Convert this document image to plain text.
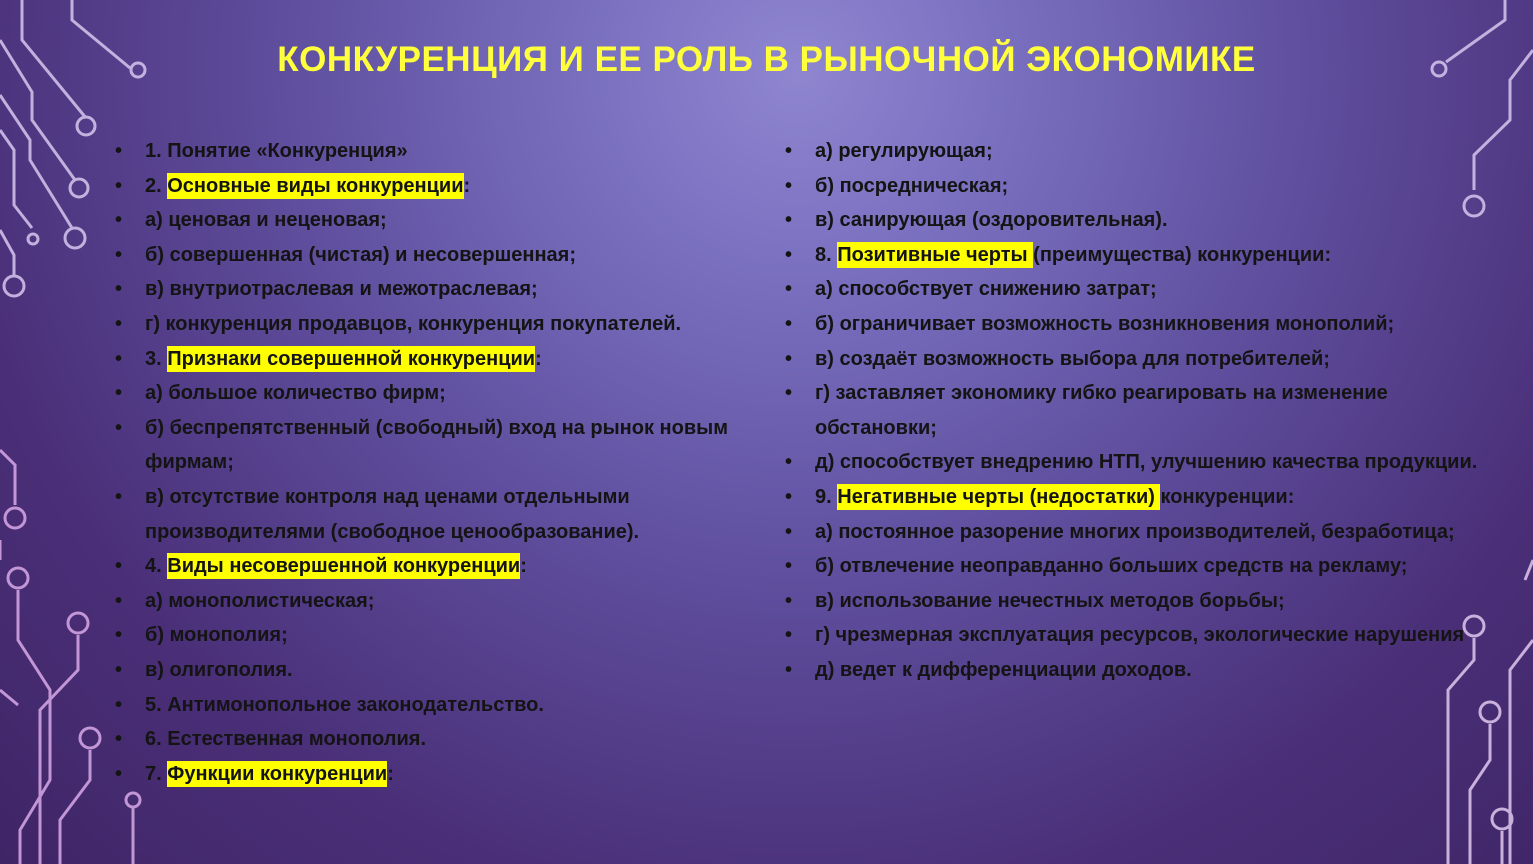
КОНКУРЕНЦИЯ И ЕЕ РОЛЬ В РЫНОЧНОЙ ЭКОНОМИКЕ
• 1. Понятие «Конкуренция»
• 2. Основные виды конкуренции:
• а) ценовая и неценовая;
• б) совершенная (чистая) и несовершенная;
• в) внутриотраслевая и межотраслевая;
• г) конкуренция продавцов, конкуренция покупателей.
• 3. Признаки совершенной конкуренции:
• а) большое количество фирм;
• б) беспрепятственный (свободный) вход на рынок новым фирмам;
• в) отсутствие контроля над ценами отдельными производителями (свободное ценообразование).
• 4. Виды несовершенной конкуренции:
• а) монополистическая;
• б) монополия;
• в) олигополия.
• 5. Антимонопольное законодательство.
• 6. Естественная монополия.
• 7. Функции конкуренции:
• а) регулирующая;
• б) посредническая;
• в) санирующая (оздоровительная).
• 8. Позитивные черты (преимущества) конкуренции:
• а) способствует снижению затрат;
• б) ограничивает возможность возникновения монополий;
• в) создаёт возможность выбора для потребителей;
• г) заставляет экономику гибко реагировать на изменение обстановки;
• д) способствует внедрению НТП, улучшению качества продукции.
• 9. Негативные черты (недостатки) конкуренции:
• а) постоянное разорение многих производителей, безработица;
• б) отвлечение неоправданно больших средств на рекламу;
• в) использование нечестных методов борьбы;
• г) чрезмерная эксплуатация ресурсов, экологические нарушения
• д) ведет к дифференциации доходов.
